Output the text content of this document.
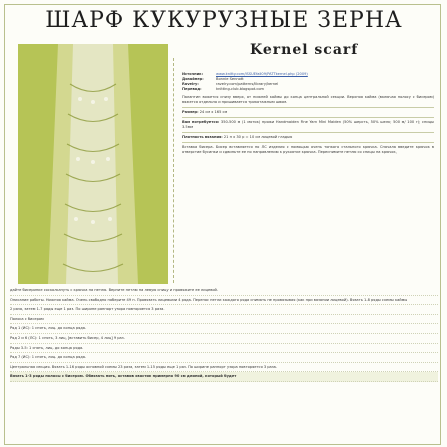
ШАРФ КУКУРУЗНЫЕ ЗЕРНА
Kernel scarf
Источник:	www.knitty.com/ISSUEfall09/PATTkernel.php (2009)
Дизайнер:	Bonnie Sennott
Ravelry:	ravelry.com/patterns/library/kernel
Перевод:	knitting-club.blogspot.com
Палантин вяжется снизу вверх, от нижней каймы до конца центральной секции. Верхняя кайма (включая полосу с бисером) вяжется отдельно и пришивается трикотажным швом.
Размер: 24 см x 165 см
Вам потребуется: 350-500 м (1 моток) пряжи Handmaiden Fine Yarn Mini Maiden (50% шерсть, 50% шелк; 500 м/ 100 г); спицы 3.5мм
Плотность вязания: 21 п x 30 р = 10 см лицевой гладью
Вставка бисера. Бисер вставляется по ЛС изделия с помощью очень тонкого стального крючка. Сначала введите крючок в отверстие бусинки и сдвиньте ее по направлению к рукоятке крючка. Переснимите петлю со спицы на крючок,
дайте бисеринке соскользнуть с крючка на петлю. Верните петлю на левую спицу и провяжите ее лицевой.
Описание работы. Нижняя кайма. Очень свободно наберите 49 п. Провязать лицевыми 4 ряда. Перенос петли каждого ряда снимать не провязывая (как при вязании лицевой). Вязать 1-8 ряды схемы каймы
2 раза, затем 1-7 ряды еще 1 раз. По ширине раппорт узора повторяется 3 раза.
Полоса с бисером
Ряд 1 (ИС): 1 снять, лиц. до конца ряда.
Ряд 2 и 6 (ЛС): 1 снять, 3 лиц, [вставить бисер, 4 лиц] 9 раз.
Ряды 3-5: 1 снять, лиц. до конца ряда.
Ряд 7 (ИС): 1 снять, лиц. до конца ряда.
Центральная секция. Вязать 1-16 ряды основной схемы 23 раза, затем 1-15 ряды еще 1 раз. По ширине раппорт узора повторяется 3 раза.
Вязать 1-3 ряды полосы с бисером. Обвязать нить, оставив хвостик примерно 90 см длиной, который будет
